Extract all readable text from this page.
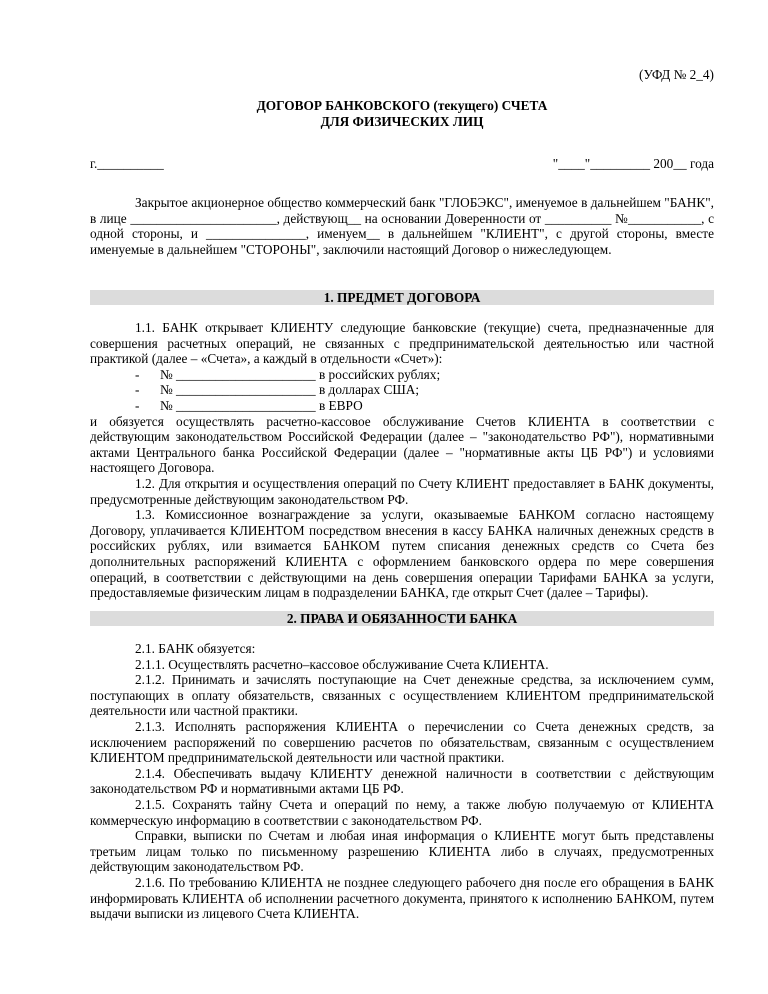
(УФД № 2_4)
ДОГОВОР БАНКОВСКОГО (текущего) СЧЕТА
ДЛЯ ФИЗИЧЕСКИХ ЛИЦ
г.__________	"____"_________ 200__ года

Закрытое акционерное общество коммерческий банк "ГЛОБЭКС", именуемое в дальнейшем "БАНК", в лице ______________________, действующ__ на основании Доверенности от __________ №___________, с одной стороны, и _______________, именуем__ в дальнейшем "КЛИЕНТ", с другой стороны, вместе именуемые в дальнейшем "СТОРОНЫ", заключили настоящий Договор о нижеследующем.

1. ПРЕДМЕТ ДОГОВОРА

1.1. БАНК открывает КЛИЕНТУ следующие банковские (текущие) счета, предназначенные для совершения расчетных операций, не связанных с предпринимательской деятельностью или частной практикой (далее – «Счета», а каждый в отдельности «Счет»):

- № _____________________ в российских рублях;
- № _____________________ в долларах США;
- № _____________________ в ЕВРО

и обязуется осуществлять расчетно-кассовое обслуживание Счетов КЛИЕНТА в соответствии с действующим законодательством Российской Федерации (далее – "законодательство РФ"), нормативными актами Центрального банка Российской Федерации (далее – "нормативные акты ЦБ РФ") и условиями настоящего Договора.

1.2. Для открытия и осуществления операций по Счету КЛИЕНТ предоставляет в БАНК документы, предусмотренные действующим законодательством РФ.

1.3. Комиссионное вознаграждение за услуги, оказываемые БАНКОМ согласно настоящему Договору, уплачивается КЛИЕНТОМ посредством внесения в кассу БАНКА наличных денежных средств в российских рублях, или взимается БАНКОМ путем списания денежных средств со Счета без дополнительных распоряжений КЛИЕНТА с оформлением банковского ордера по мере совершения операций, в соответствии с действующими на день совершения операции Тарифами БАНКА за услуги, предоставляемые физическим лицам в подразделении БАНКА, где открыт Счет (далее – Тарифы).

2. ПРАВА И ОБЯЗАННОСТИ БАНКА

2.1. БАНК обязуется:

2.1.1. Осуществлять расчетно–кассовое обслуживание Счета КЛИЕНТА.

2.1.2. Принимать и зачислять поступающие на Счет денежные средства, за исключением сумм, поступающих в оплату обязательств, связанных с осуществлением КЛИЕНТОМ предпринимательской деятельности или частной практики.

2.1.3. Исполнять распоряжения КЛИЕНТА о перечислении со Счета денежных средств, за исключением распоряжений по совершению расчетов по обязательствам, связанным с осуществлением КЛИЕНТОМ предпринимательской деятельности или частной практики.

2.1.4. Обеспечивать выдачу КЛИЕНТУ денежной наличности в соответствии с действующим законодательством РФ и нормативными актами ЦБ РФ.

2.1.5. Сохранять тайну Счета и операций по нему, а также любую получаемую от КЛИЕНТА коммерческую информацию в соответствии с законодательством РФ.

Справки, выписки по Счетам и любая иная информация о КЛИЕНТЕ могут быть представлены третьим лицам только по письменному разрешению КЛИЕНТА либо в случаях, предусмотренных действующим законодательством РФ.

2.1.6. По требованию КЛИЕНТА не позднее следующего рабочего дня после его обращения в БАНК информировать КЛИЕНТА об исполнении расчетного документа, принятого к исполнению БАНКОМ, путем выдачи выписки из лицевого Счета КЛИЕНТА.
